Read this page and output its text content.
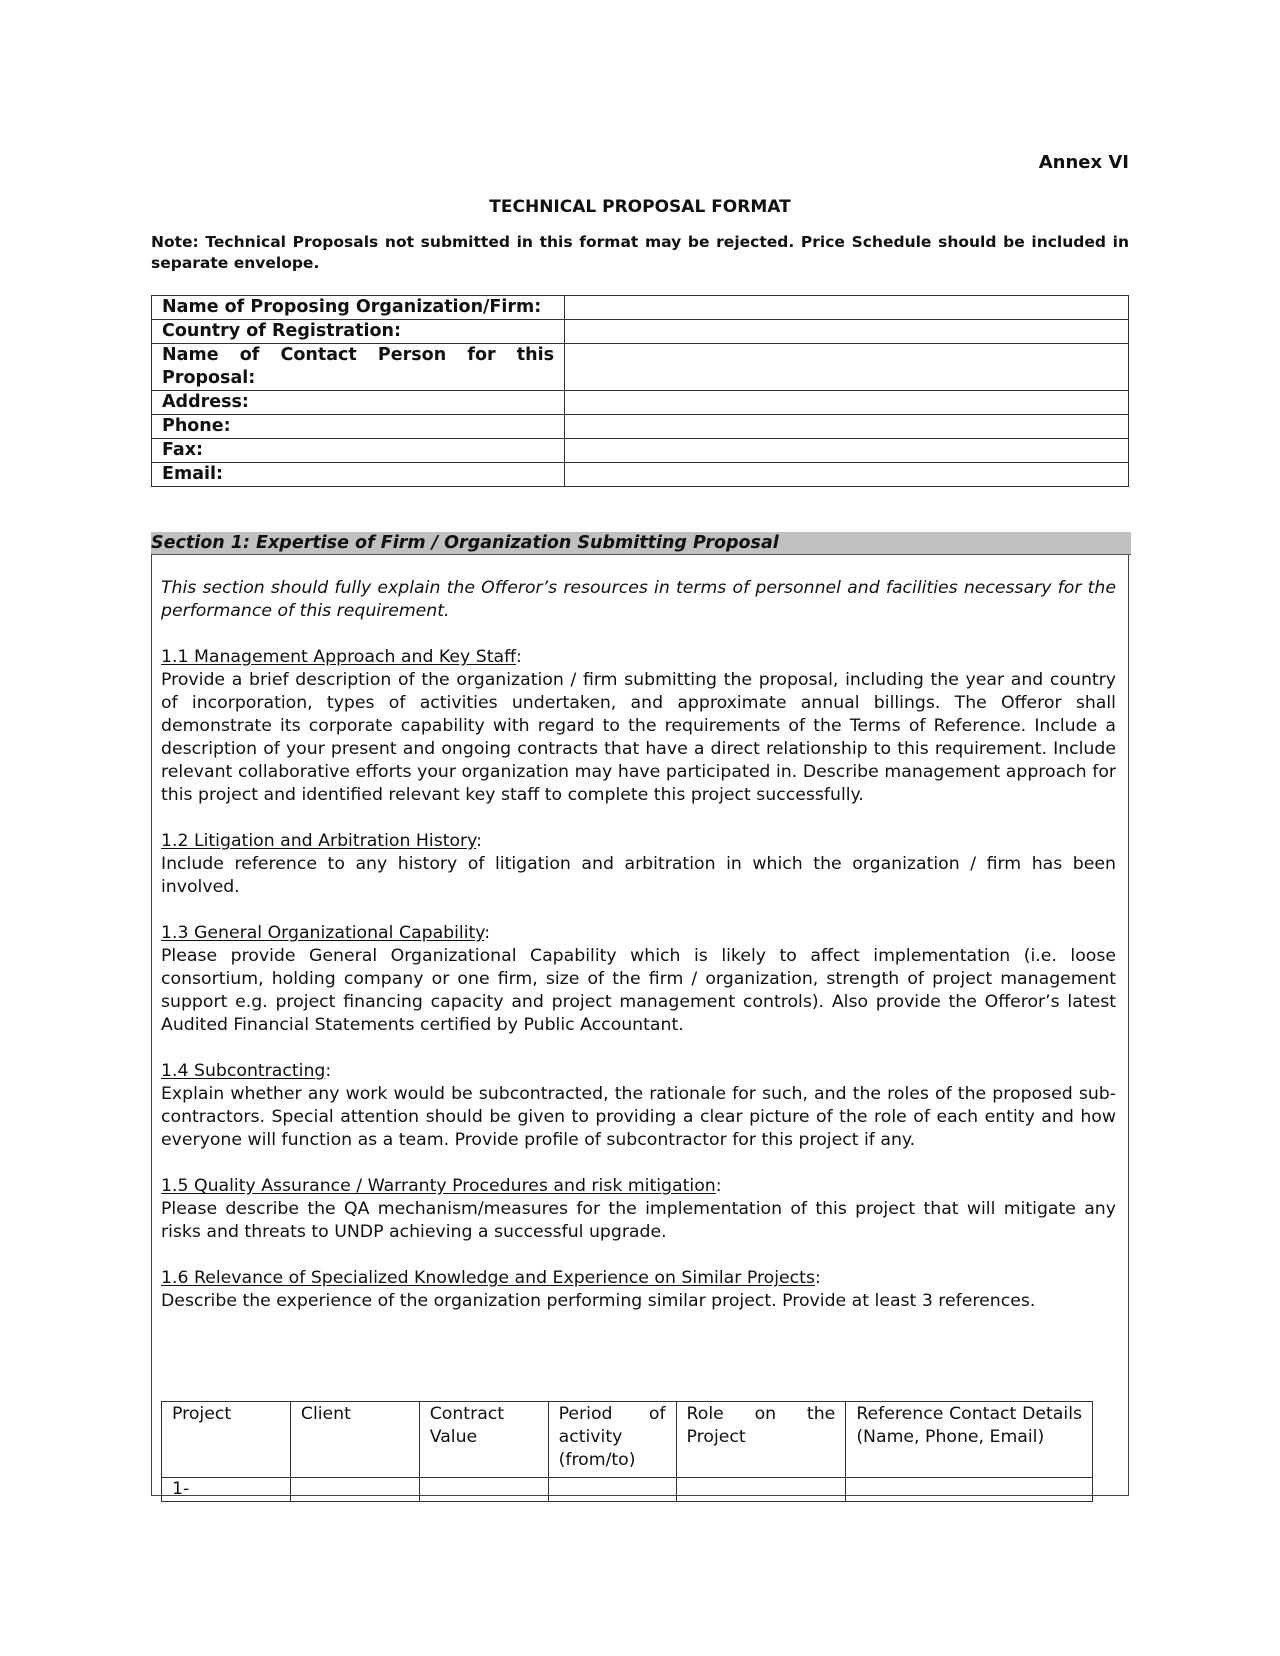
Annex VI
TECHNICAL PROPOSAL FORMAT
Note: Technical Proposals not submitted in this format may be rejected. Price Schedule should be included in separate envelope.
Name of Proposing Organization/Firm:	
Country of Registration:	
Name of Contact Person for this Proposal:	
Address:	
Phone:	
Fax:	
Email:	
Section 1: Expertise of Firm / Organization Submitting Proposal

This section should fully explain the Offeror’s resources in terms of personnel and facilities necessary for the performance of this requirement.

1.1 Management Approach and Key Staff:
Provide a brief description of the organization / firm submitting the proposal, including the year and country of incorporation, types of activities undertaken, and approximate annual billings. The Offeror shall demonstrate its corporate capability with regard to the requirements of the Terms of Reference. Include a description of your present and ongoing contracts that have a direct relationship to this requirement. Include relevant collaborative efforts your organization may have participated in. Describe management approach for this project and identified relevant key staff to complete this project successfully.

1.2 Litigation and Arbitration History:
Include reference to any history of litigation and arbitration in which the organization / firm has been involved.

1.3 General Organizational Capability:
Please provide General Organizational Capability which is likely to affect implementation (i.e. loose consortium, holding company or one firm, size of the firm / organization, strength of project management support e.g. project financing capacity and project management controls). Also provide the Offeror’s latest Audited Financial Statements certified by Public Accountant.

1.4 Subcontracting:
Explain whether any work would be subcontracted, the rationale for such, and the roles of the proposed sub-contractors. Special attention should be given to providing a clear picture of the role of each entity and how everyone will function as a team. Provide profile of subcontractor for this project if any.

1.5 Quality Assurance / Warranty Procedures and risk mitigation:
Please describe the QA mechanism/measures for the implementation of this project that will mitigate any risks and threats to UNDP achieving a successful upgrade.

1.6 Relevance of Specialized Knowledge and Experience on Similar Projects:
Describe the experience of the organization performing similar project. Provide at least 3 references.

Project	Client	Contract Value	Period of activity (from/to)	Role on the Project	Reference Contact Details (Name, Phone, Email)
1-					
